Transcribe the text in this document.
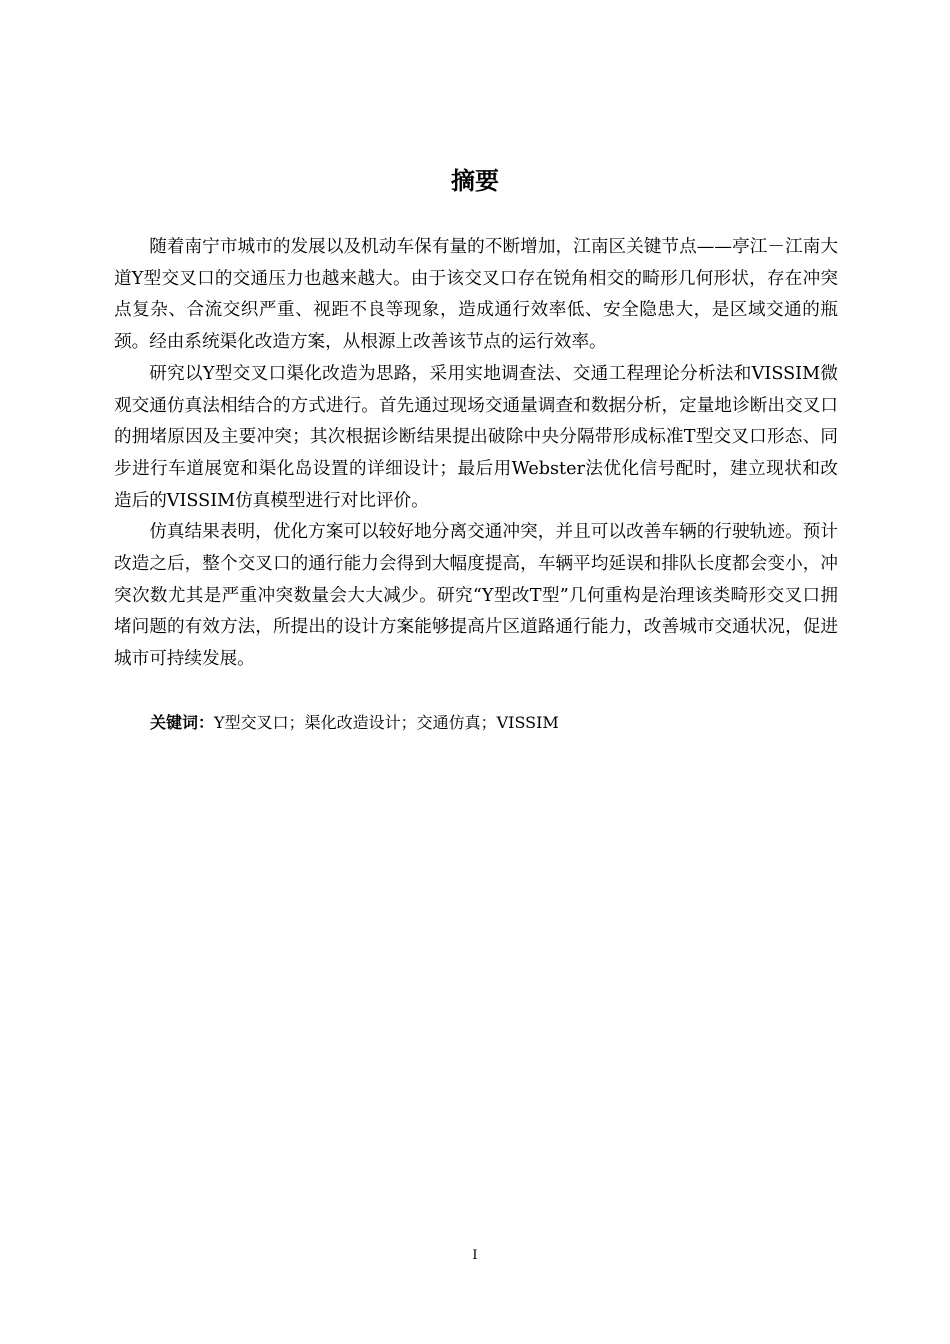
摘要

随着南宁市城市的发展以及机动车保有量的不断增加，江南区关键节点——亭江－江南大道Y型交叉口的交通压力也越来越大。由于该交叉口存在锐角相交的畸形几何形状，存在冲突点复杂、合流交织严重、视距不良等现象，造成通行效率低、安全隐患大，是区域交通的瓶颈。经由系统渠化改造方案，从根源上改善该节点的运行效率。

研究以Y型交叉口渠化改造为思路，采用实地调查法、交通工程理论分析法和VISSIM微观交通仿真法相结合的方式进行。首先通过现场交通量调查和数据分析，定量地诊断出交叉口的拥堵原因及主要冲突；其次根据诊断结果提出破除中央分隔带形成标准T型交叉口形态、同步进行车道展宽和渠化岛设置的详细设计；最后用Webster法优化信号配时，建立现状和改造后的VISSIM仿真模型进行对比评价。

仿真结果表明，优化方案可以较好地分离交通冲突，并且可以改善车辆的行驶轨迹。预计改造之后，整个交叉口的通行能力会得到大幅度提高，车辆平均延误和排队长度都会变小，冲突次数尤其是严重冲突数量会大大减少。研究“Y型改T型”几何重构是治理该类畸形交叉口拥堵问题的有效方法，所提出的设计方案能够提高片区道路通行能力，改善城市交通状况，促进城市可持续发展。

关键词：Y型交叉口；渠化改造设计；交通仿真；VISSIM

I
